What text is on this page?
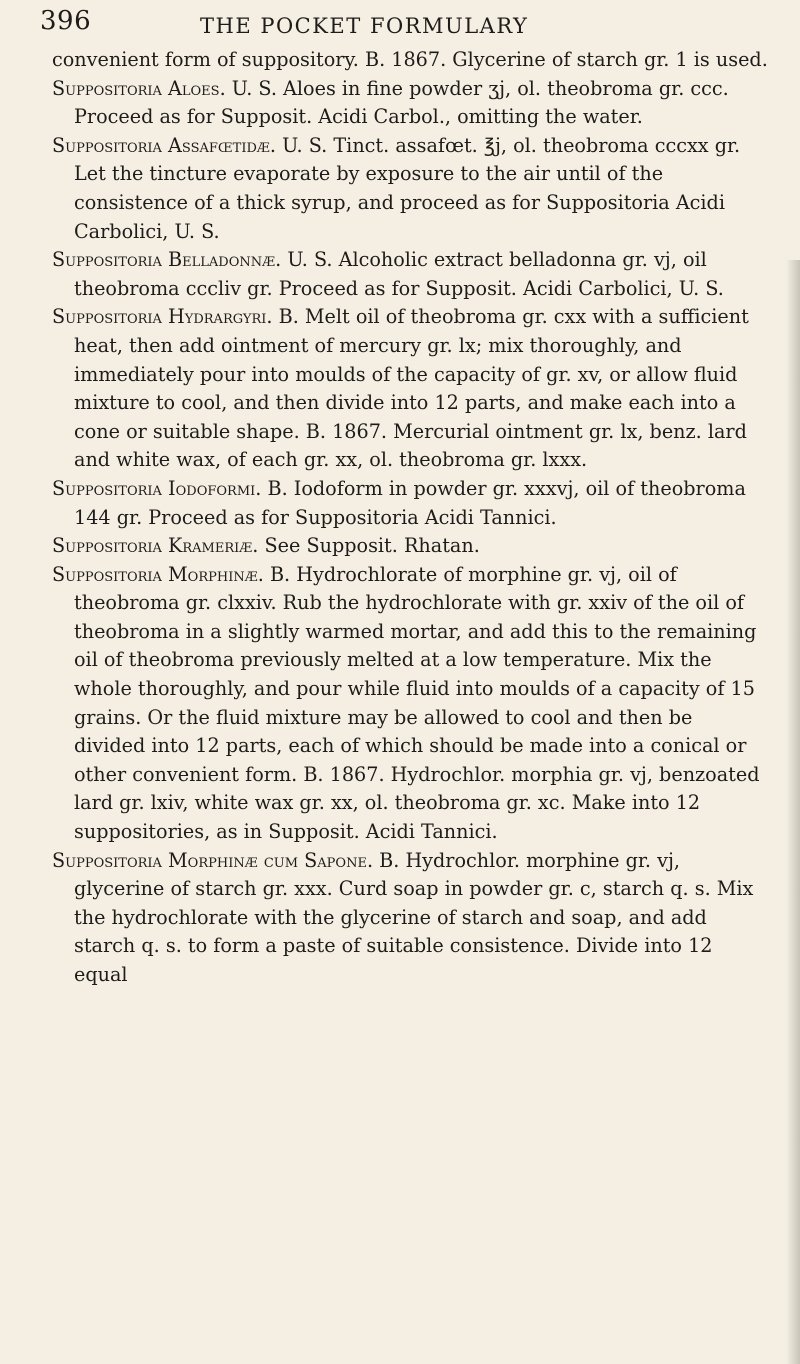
396	THE POCKET FORMULARY

convenient form of suppository. B. 1867. Glycerine of starch gr. 1 is used.

Suppositoria Aloes. U. S. Aloes in fine powder ʒj, ol. theobroma gr. ccc. Proceed as for Supposit. Acidi Carbol., omitting the water.

Suppositoria Assafœtidæ. U. S. Tinct. assafœt. ℥j, ol. theobroma cccxx gr. Let the tincture evaporate by exposure to the air until of the consistence of a thick syrup, and proceed as for Suppositoria Acidi Carbolici, U. S.

Suppositoria Belladonnæ. U. S. Alcoholic extract belladonna gr. vj, oil theobroma cccliv gr. Proceed as for Supposit. Acidi Carbolici, U. S.

Suppositoria Hydrargyri. B. Melt oil of theobroma gr. cxx with a sufficient heat, then add ointment of mercury gr. lx; mix thoroughly, and immediately pour into moulds of the capacity of gr. xv, or allow fluid mixture to cool, and then divide into 12 parts, and make each into a cone or suitable shape. B. 1867. Mercurial ointment gr. lx, benz. lard and white wax, of each gr. xx, ol. theobroma gr. lxxx.

Suppositoria Iodoformi. B. Iodoform in powder gr. xxxvj, oil of theobroma 144 gr. Proceed as for Suppositoria Acidi Tannici.

Suppositoria Krameriæ. See Supposit. Rhatan.

Suppositoria Morphinæ. B. Hydrochlorate of morphine gr. vj, oil of theobroma gr. clxxiv. Rub the hydrochlorate with gr. xxiv of the oil of theobroma in a slightly warmed mortar, and add this to the remaining oil of theobroma previously melted at a low temperature. Mix the whole thoroughly, and pour while fluid into moulds of a capacity of 15 grains. Or the fluid mixture may be allowed to cool and then be divided into 12 parts, each of which should be made into a conical or other convenient form. B. 1867. Hydrochlor. morphia gr. vj, benzoated lard gr. lxiv, white wax gr. xx, ol. theobroma gr. xc. Make into 12 suppositories, as in Supposit. Acidi Tannici.

Suppositoria Morphinæ cum Sapone. B. Hydrochlor. morphine gr. vj, glycerine of starch gr. xxx. Curd soap in powder gr. c, starch q. s. Mix the hydrochlorate with the glycerine of starch and soap, and add starch q. s. to form a paste of suitable consistence. Divide into 12 equal
